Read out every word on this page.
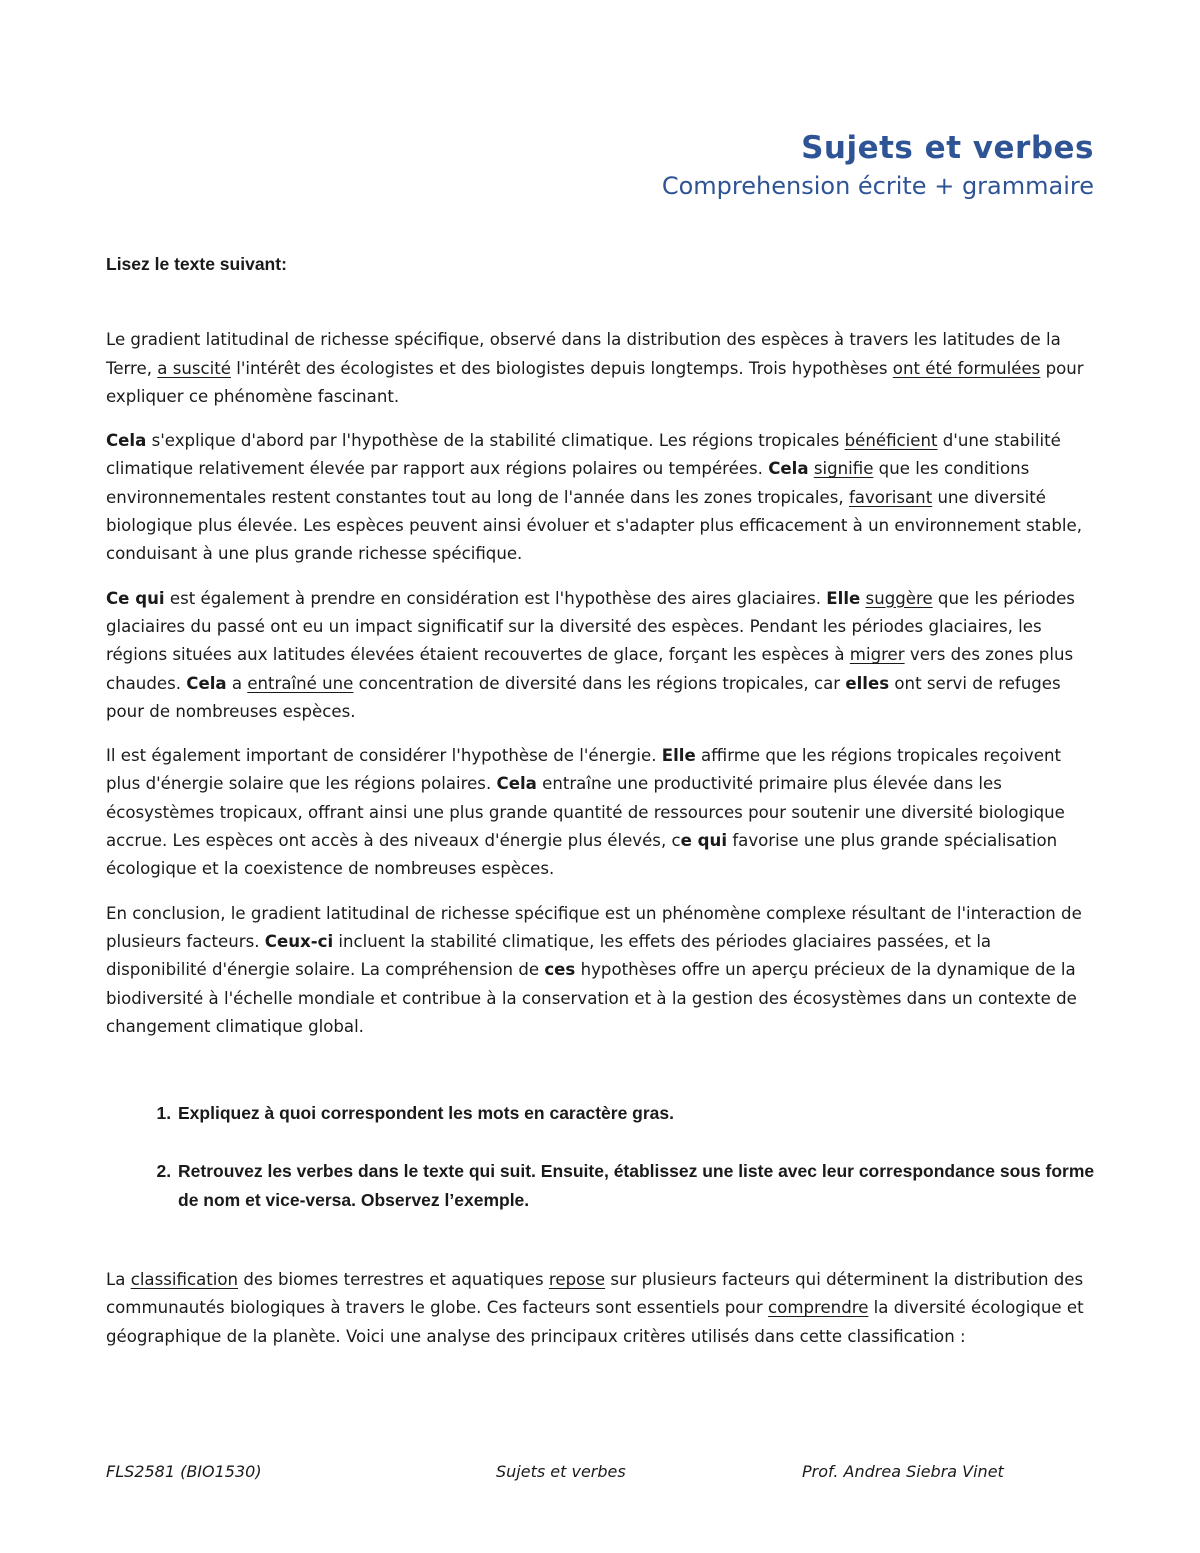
Sujets et verbes
Comprehension écrite + grammaire
Lisez le texte suivant:

Le gradient latitudinal de richesse spécifique, observé dans la distribution des espèces à travers les latitudes de la Terre, a suscité l'intérêt des écologistes et des biologistes depuis longtemps. Trois hypothèses ont été formulées pour expliquer ce phénomène fascinant.

Cela s'explique d'abord par l'hypothèse de la stabilité climatique. Les régions tropicales bénéficient d'une stabilité climatique relativement élevée par rapport aux régions polaires ou tempérées. Cela signifie que les conditions environnementales restent constantes tout au long de l'année dans les zones tropicales, favorisant une diversité biologique plus élevée. Les espèces peuvent ainsi évoluer et s'adapter plus efficacement à un environnement stable, conduisant à une plus grande richesse spécifique.

Ce qui est également à prendre en considération est l'hypothèse des aires glaciaires. Elle suggère que les périodes glaciaires du passé ont eu un impact significatif sur la diversité des espèces. Pendant les périodes glaciaires, les régions situées aux latitudes élevées étaient recouvertes de glace, forçant les espèces à migrer vers des zones plus chaudes. Cela a entraîné une concentration de diversité dans les régions tropicales, car elles ont servi de refuges pour de nombreuses espèces.

Il est également important de considérer l'hypothèse de l'énergie. Elle affirme que les régions tropicales reçoivent plus d'énergie solaire que les régions polaires. Cela entraîne une productivité primaire plus élevée dans les écosystèmes tropicaux, offrant ainsi une plus grande quantité de ressources pour soutenir une diversité biologique accrue. Les espèces ont accès à des niveaux d'énergie plus élevés, ce qui favorise une plus grande spécialisation écologique et la coexistence de nombreuses espèces.

En conclusion, le gradient latitudinal de richesse spécifique est un phénomène complexe résultant de l'interaction de plusieurs facteurs. Ceux-ci incluent la stabilité climatique, les effets des périodes glaciaires passées, et la disponibilité d'énergie solaire. La compréhension de ces hypothèses offre un aperçu précieux de la dynamique de la biodiversité à l'échelle mondiale et contribue à la conservation et à la gestion des écosystèmes dans un contexte de changement climatique global.

1. Expliquez à quoi correspondent les mots en caractère gras.
2. Retrouvez les verbes dans le texte qui suit. Ensuite, établissez une liste avec leur correspondance sous forme de nom et vice-versa. Observez l’exemple.

La classification des biomes terrestres et aquatiques repose sur plusieurs facteurs qui déterminent la distribution des communautés biologiques à travers le globe. Ces facteurs sont essentiels pour comprendre la diversité écologique et géographique de la planète. Voici une analyse des principaux critères utilisés dans cette classification :

FLS2581 (BIO1530)	Sujets et verbes	Prof. Andrea Siebra Vinet
